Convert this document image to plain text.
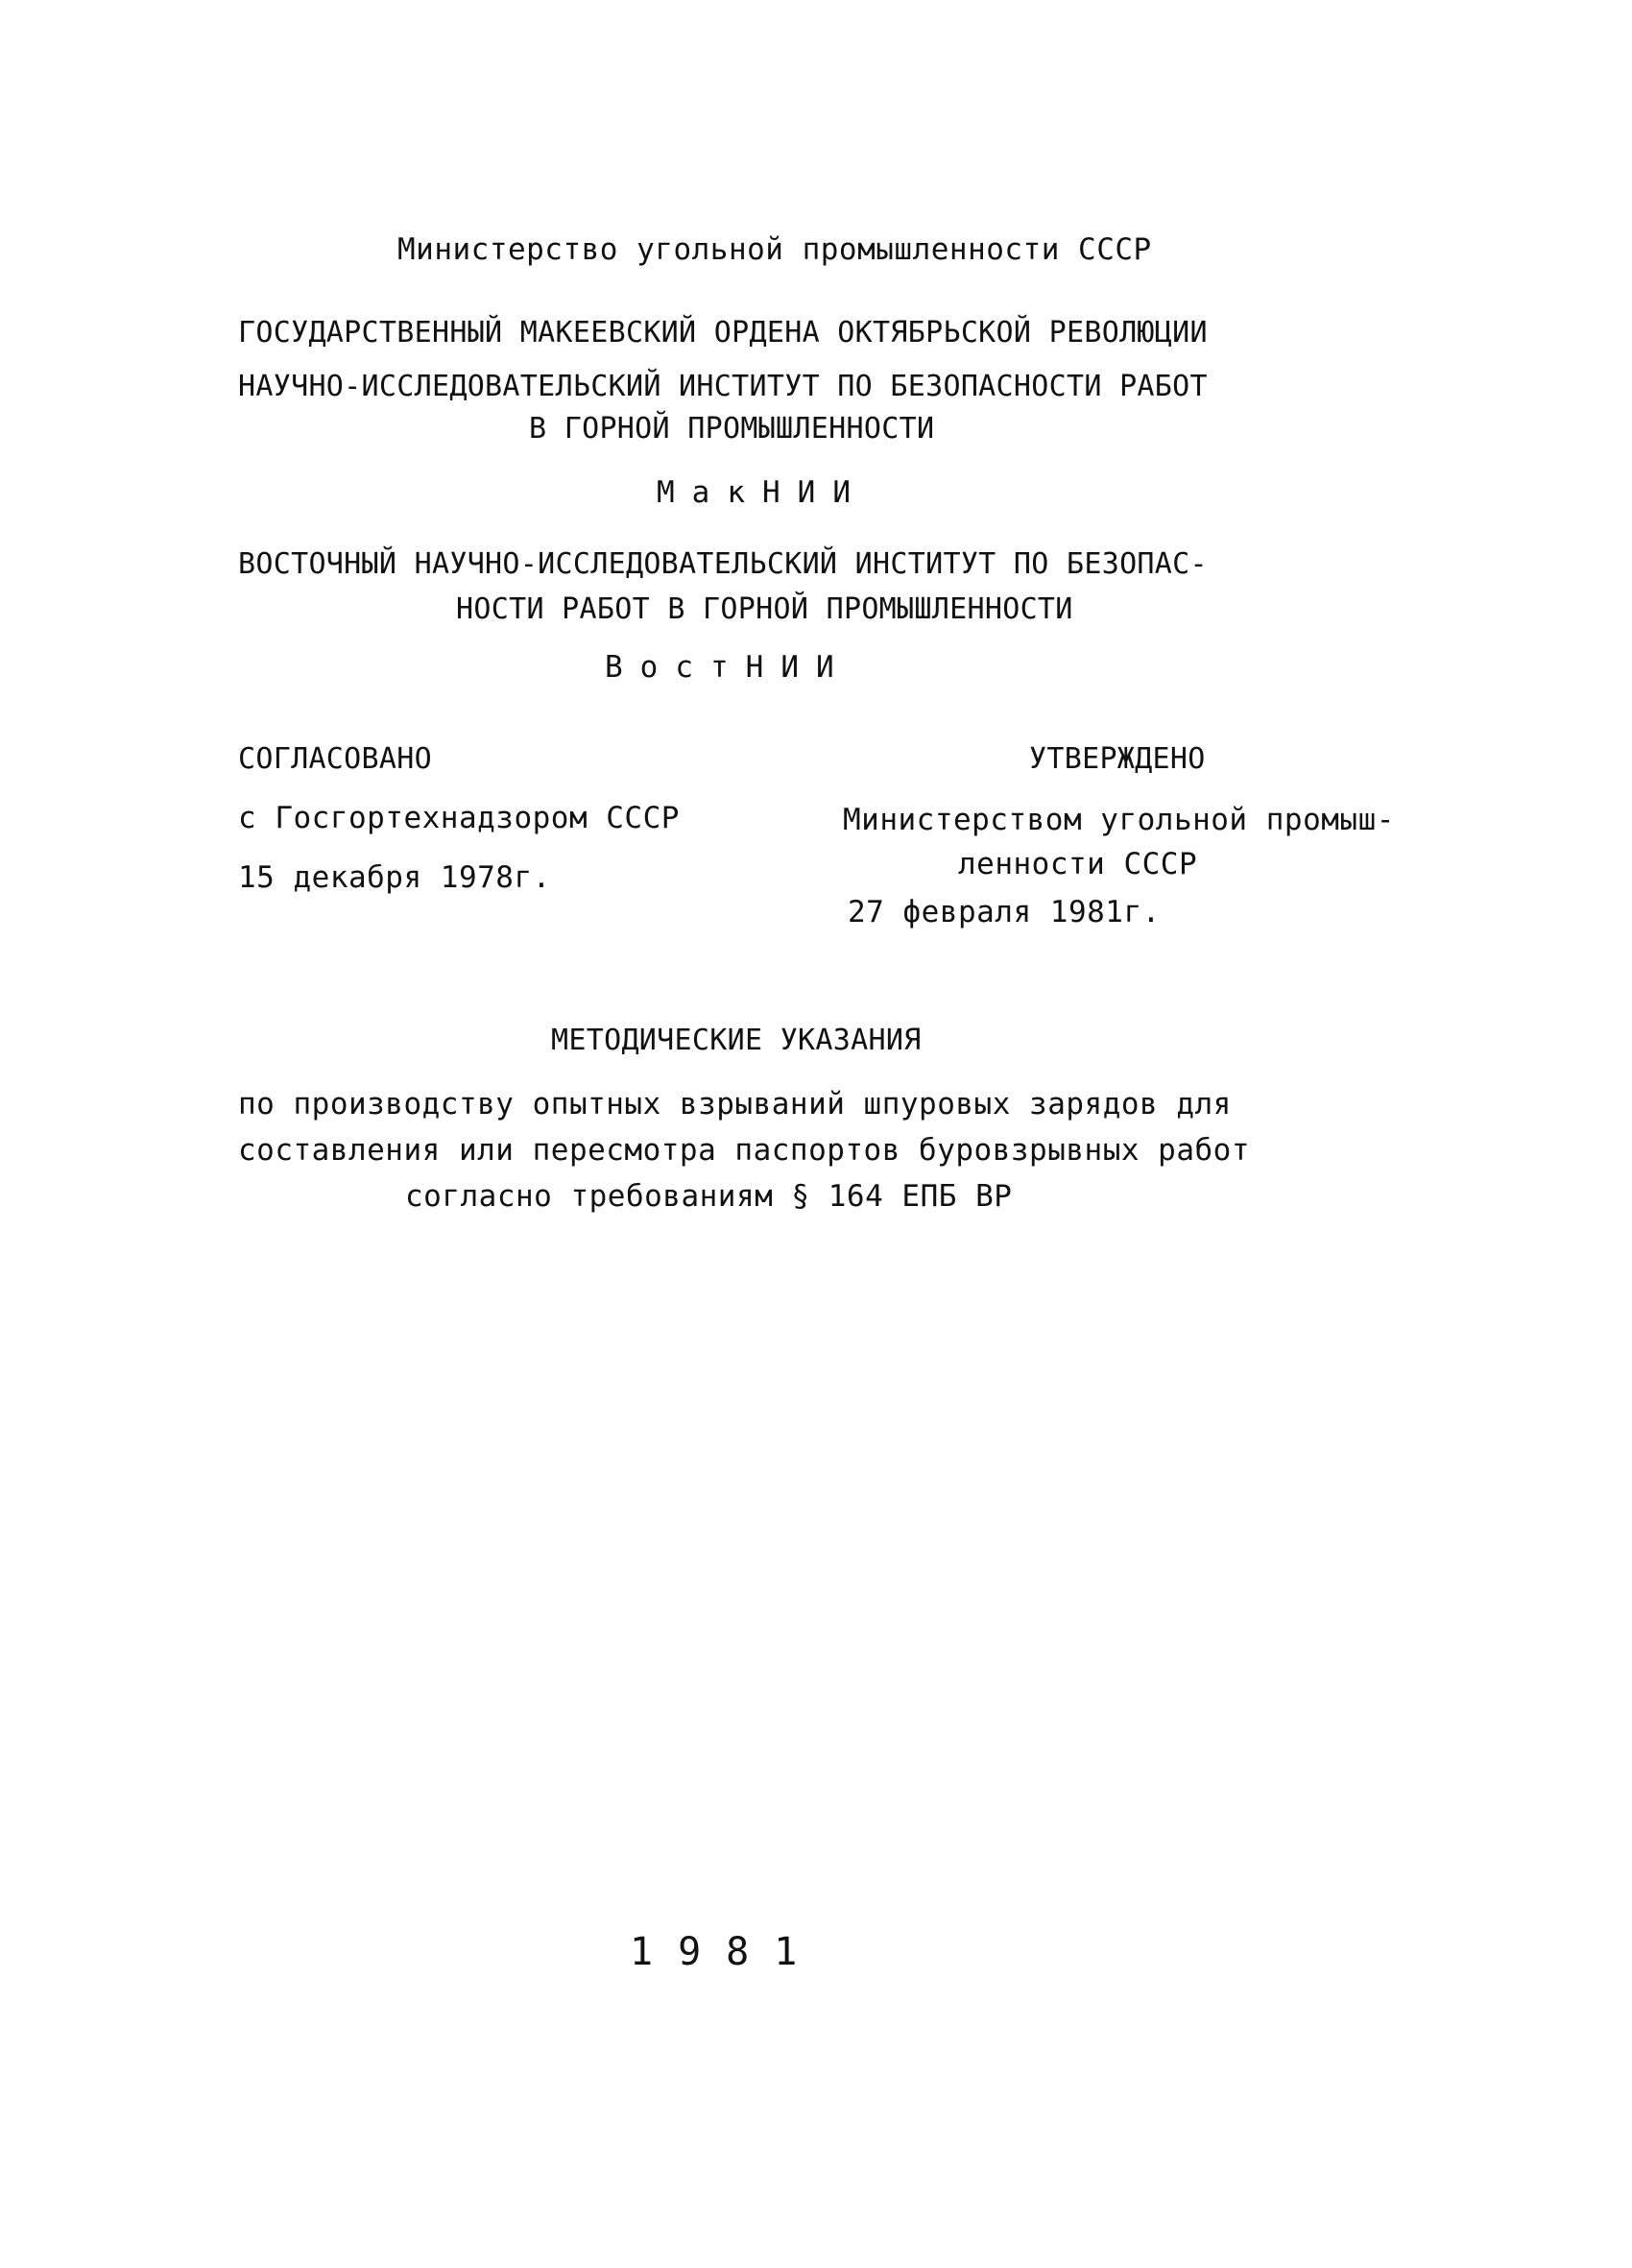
Министерство угольной промышленности СССР
ГОСУДАРСТВЕННЫЙ МАКЕЕВСКИЙ ОРДЕНА ОКТЯБРЬСКОЙ РЕВОЛЮЦИИ
НАУЧНО-ИССЛЕДОВАТЕЛЬСКИЙ ИНСТИТУТ ПО БЕЗОПАСНОСТИ РАБОТ
В ГОРНОЙ ПРОМЫШЛЕННОСТИ
МакНИИ
ВОСТОЧНЫЙ НАУЧНО-ИССЛЕДОВАТЕЛЬСКИЙ ИНСТИТУТ ПО БЕЗОПАС-
НОСТИ РАБОТ В ГОРНОЙ ПРОМЫШЛЕННОСТИ
ВостНИИ
СОГЛАСОВАНО
с Госгортехнадзором СССР
15 декабря 1978г.
УТВЕРЖДЕНО
Министерством угольной промыш-
ленности СССР
27 февраля 1981г.
МЕТОДИЧЕСКИЕ УКАЗАНИЯ
по производству опытных взрываний шпуровых зарядов для
составления или пересмотра паспортов буровзрывных работ
согласно требованиям § 164 ЕПБ ВР
1981
